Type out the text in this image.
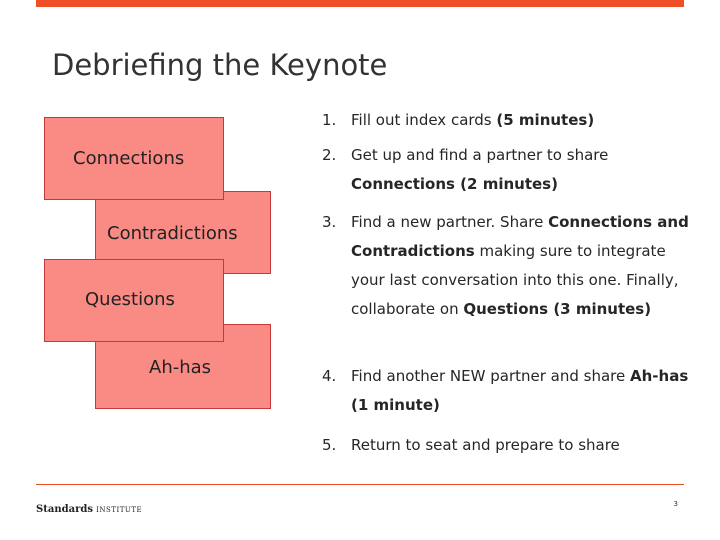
Debriefing the Keynote
Ah-has
Contradictions
Connections
Questions
1. Fill out index cards (5 minutes)
2. Get up and find a partner to share Connections (2 minutes)
3. Find a new partner. Share Connections and Contradictions making sure to integrate your last conversation into this one. Finally, collaborate on Questions (3 minutes)
4. Find another NEW partner and share Ah-has (1 minute)
5. Return to seat and prepare to share
Standards INSTITUTE
3
